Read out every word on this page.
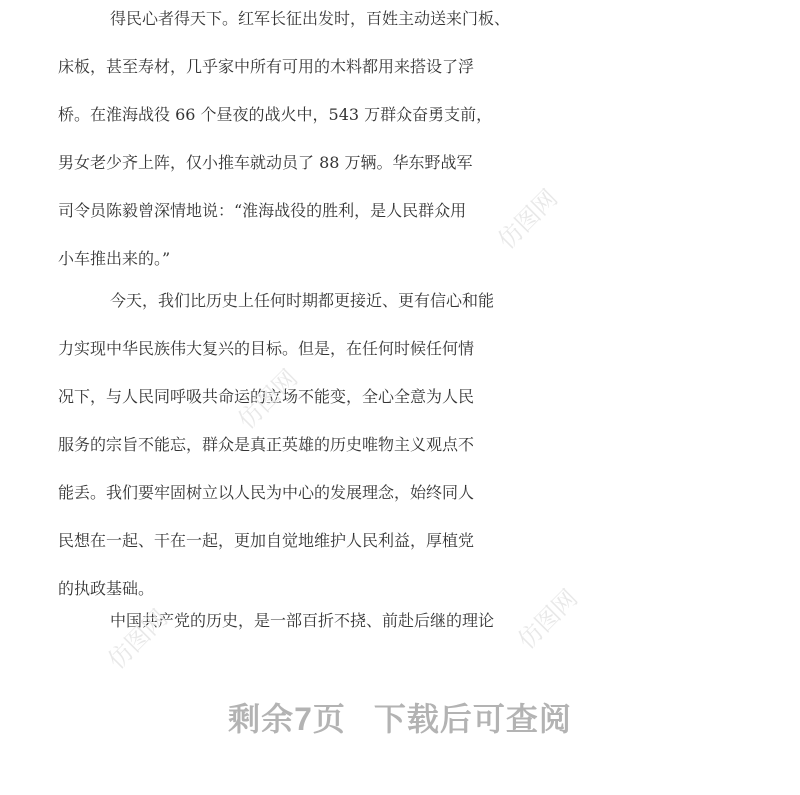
得民心者得天下。红军长征出发时，百姓主动送来门板、
床板，甚至寿材，几乎家中所有可用的木料都用来搭设了浮
桥。在淮海战役 66 个昼夜的战火中，543 万群众奋勇支前，
男女老少齐上阵，仅小推车就动员了 88 万辆。华东野战军
司令员陈毅曾深情地说：“淮海战役的胜利，是人民群众用
小车推出来的。”
今天，我们比历史上任何时期都更接近、更有信心和能
力实现中华民族伟大复兴的目标。但是，在任何时候任何情
况下，与人民同呼吸共命运的立场不能变，全心全意为人民
服务的宗旨不能忘，群众是真正英雄的历史唯物主义观点不
能丢。我们要牢固树立以人民为中心的发展理念，始终同人
民想在一起、干在一起，更加自觉地维护人民利益，厚植党
的执政基础。
中国共产党的历史，是一部百折不挠、前赴后继的理论
仿图网
仿图网
仿图网	仿图网
剩余7页 下载后可查阅
